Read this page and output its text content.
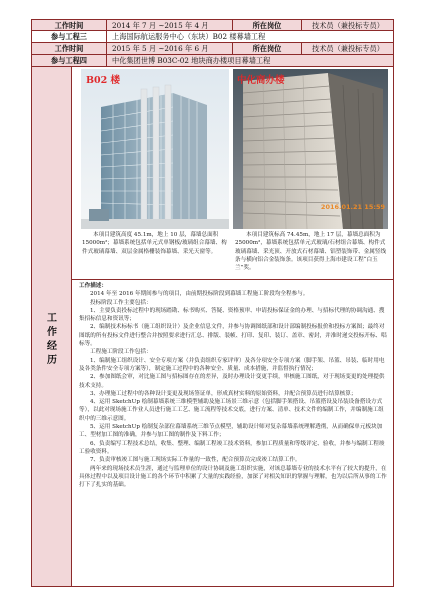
工作时间	2014 年 7 月 ~2015 年 4 月	所在岗位	技术员（兼投标专员）
参与工程三	上海国际航运服务中心（东块）B02 楼幕墙工程
工作时间	2015 年 5 月 ~2016 年 6 月	所在岗位	技术员（兼投标专员）
参与工程四	中化集团世博 B03C-02 地块商办楼项目幕墙工程
工作经历
B02 楼	中化商办楼
2016.01.21 15:59
本项目建筑高度 45.1m，地上 10 层，幕墙总面积 15000m²；幕墙系统包括单元式单钢板/玻璃组合幕墙、构件式玻璃幕墙、双层金属格栅装饰幕墙、采光天窗等。
本项目建筑标高 74.45m，地上 17 层，幕墙总面积为 25000m²，幕墙系统包括单元式玻璃/石材组合幕墙、构件式玻璃幕墙、采光顶、开放式石材幕墙、铝塑装饰带、金属竖线条与横向铝合金装饰条。该项目获得上海市建设工程“白玉兰”奖。

工作描述：

2014 年至 2016 年期间参与的项目，由前期投标阶段到幕墙工程施工阶段均全程参与。

投标阶段工作主要包括：

1、主要负责投标过程中的现场踏勘、标书购买、答疑、资格预审、申请投标保证金的办理、与招标代理的协调沟通、搜集招标信息和资讯等；

2、编制技术标标书（施工组织设计）及企业信息文件，并参与协调图纸部和设计部编制投标报价和投标方案图；最终对图纸的所有投标文件进行整合并按照要求进行汇总、排版、装帧、打印、复印、装订、盖章、密封，并准时递交投标开标、唱标等。

工程施工阶段工作包括：

1、编制施工组织设计、安全专项方案（并负责组织专家评审）及各分项安全专项方案（脚手架、吊篮、吊装、临时用电及各类条件安全专项方案等），制定施工过程中的各种安全、质量、成本措施，并监督执行情况；

2、参加图纸会审，对比施工图与招标图存在的差异，及时办理设计变更手续，审核施工图纸，对于现场变更的处理提供技术支持。

3、办理施工过程中的各种设计变更及现场签证单，形成真材实料的原始资料，并配合预算员进行结算核算；

4、运用 SketchUp 绘制幕墙系统三维模型辅助及施工场景三维示意（包括脚手架搭设、吊篮搭设及吊装设备搭设方式等），以此对现场施工作业人员进行施工工艺、施工流程等技术交底，进行方案、清单、技术文件的编制工作，并编制施工组织中的三维示意图。

5、运用 SketchUp 绘制复杂部位幕墙系统三维节点模型，辅助设计师对复杂幕墙系统理解透彻，从而确保单元板块加工、型材加工图的准确，并参与加工图的制作及下料工作；

6、负责编写工程技术总结，收集、整理、编制工程竣工技术资料，参加工程质量和等级评定、验收，并参与编制工程竣工验收资料。

7、负责审核竣工图与施工现场实际工作量的一致性，配合预算员完成竣工结算工作。

两年来的现场技术员生涯，通过与监理单位的设计协调及施工组织实施，对该总幕墙专业的技术水平有了较大的提升，在具体过程中以及项目设计施工的各个环节中积累了大量的实践经验，加深了对相关知识的掌握与理解，也为以后所从事的工作打下了扎实的基础。
